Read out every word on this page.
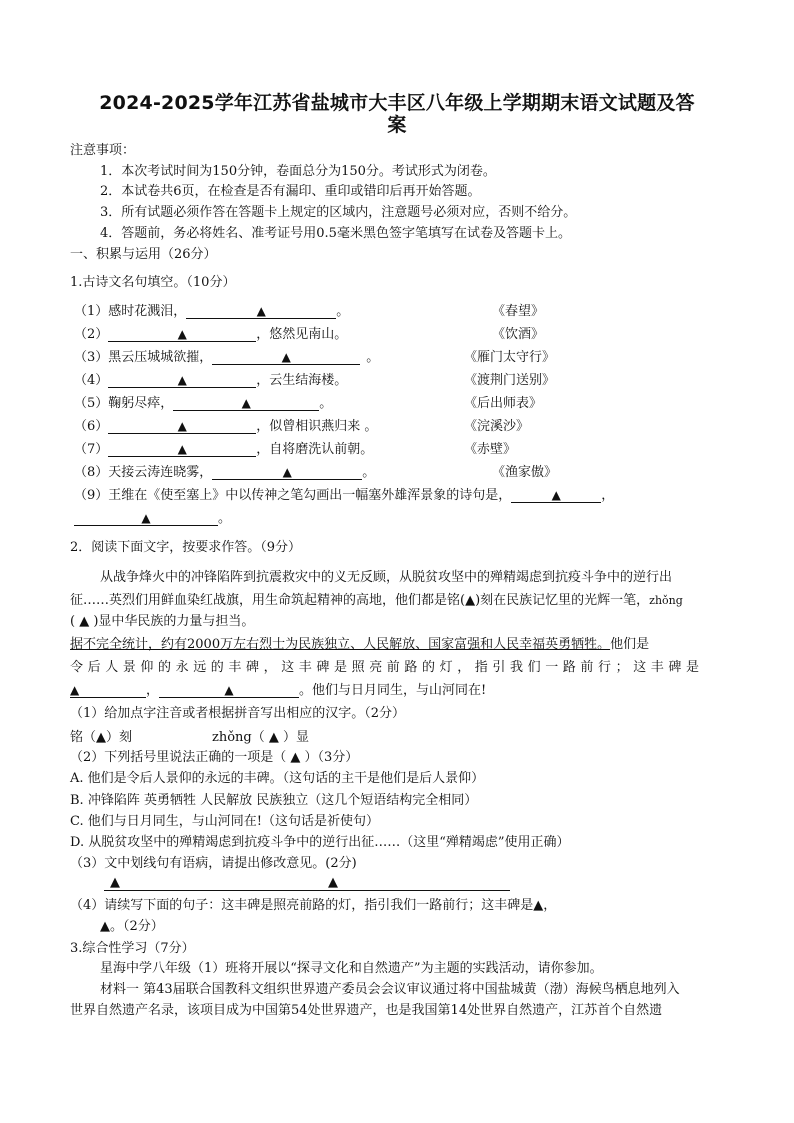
2024-2025学年江苏省盐城市大丰区八年级上学期期末语文试题及答
案
注意事项：
1．本次考试时间为150分钟，卷面总分为150分。考试形式为闭卷。
2．本试卷共6页，在检查是否有漏印、重印或错印后再开始答题。
3．所有试题必须作答在答题卡上规定的区域内，注意题号必须对应，否则不给分。
4．答题前，务必将姓名、准考证号用0.5毫米黑色签字笔填写在试卷及答题卡上。
一、积累与运用（26分）
1.古诗文名句填空。（10分）
（1）感时花溅泪，	▲	。	《春望》
（2）	▲	，悠然见南山。	《饮酒》
（3）黑云压城城欲摧，	▲	。	《雁门太守行》
（4）	▲	，云生结海楼。	《渡荆门送别》
（5）鞠躬尽瘁，	▲	。	《后出师表》
（6）	▲	，似曾相识燕归来 。	《浣溪沙》
（7）	▲	，自将磨洗认前朝。	《赤壁》
（8）天接云涛连晓雾，	▲	。	《渔家傲》
（9）王维在《使至塞上》中以传神之笔勾画出一幅塞外雄浑景象的诗句是，	▲	，
▲	。
2．阅读下面文字，按要求作答。（9分）
从战争烽火中的冲锋陷阵到抗震救灾中的义无反顾，从脱贫攻坚中的殚精竭虑到抗疫斗争中的逆行出
征……英烈们用鲜血染红战旗，用生命筑起精神的高地，他们都是铭(▲)刻在民族记忆里的光辉一笔，zhǒng
( ▲ )显中华民族的力量与担当。
据不完全统计，约有2000万左右烈士为民族独立、人民解放、国家富强和人民幸福英勇牺牲。他们是
令后人景仰的永远的丰碑，这丰碑是照亮前路的灯，指引我们一路前行；这丰碑是
▲	，	▲	。他们与日月同生，与山河同在!
（1）给加点字注音或者根据拼音写出相应的汉字。（2分）
铭（▲）刻	zhǒng（ ▲ ）显
（2）下列括号里说法正确的一项是（ ▲ ）（3分）
A. 他们是令后人景仰的永远的丰碑。（这句话的主干是他们是后人景仰）
B. 冲锋陷阵 英勇牺牲 人民解放 民族独立（这几个短语结构完全相同）
C. 他们与日月同生，与山河同在!（这句话是祈使句）
D. 从脱贫攻坚中的殚精竭虑到抗疫斗争中的逆行出征……（这里“殚精竭虑”使用正确）
（3）文中划线句有语病，请提出修改意见。(2分)
▲	▲
（4）请续写下面的句子：这丰碑是照亮前路的灯，指引我们一路前行；这丰碑是▲，
▲。（2分）
3.综合性学习（7分）
星海中学八年级（1）班将开展以“探寻文化和自然遗产”为主题的实践活动，请你参加。
材料一 第43届联合国教科文组织世界遗产委员会会议审议通过将中国盐城黄（渤）海候鸟栖息地列入
世界自然遗产名录，该项目成为中国第54处世界遗产，也是我国第14处世界自然遗产，江苏首个自然遗
